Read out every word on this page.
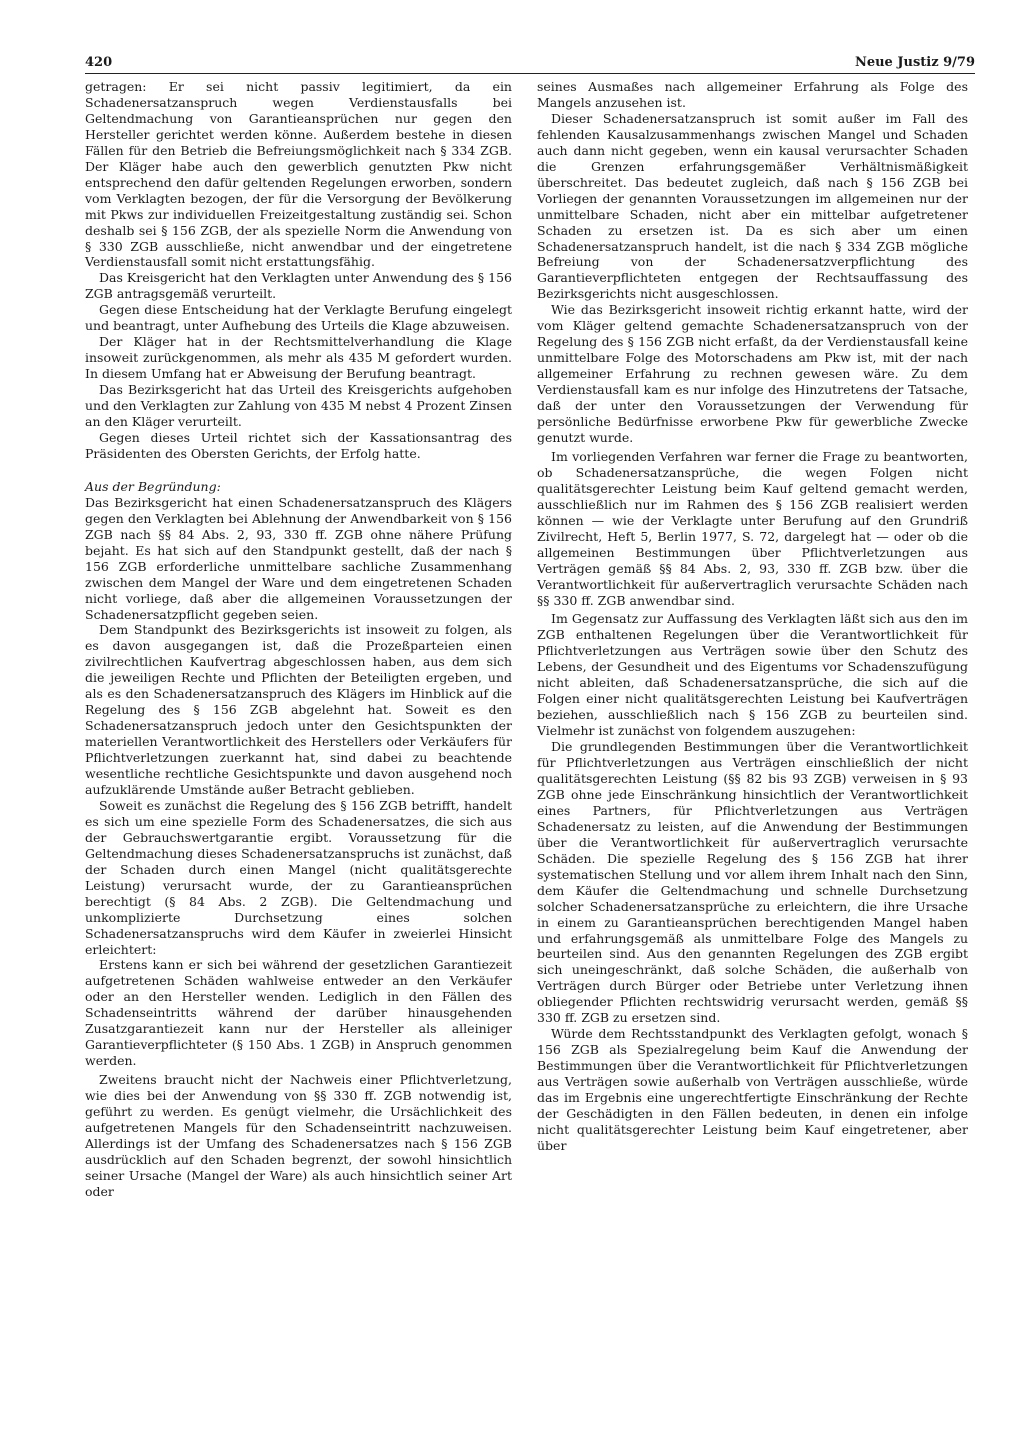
420	Neue Justiz 9/79

getragen: Er sei nicht passiv legitimiert, da ein Schadenersatzanspruch wegen Verdienstausfalls bei Geltendmachung von Garantieansprüchen nur gegen den Hersteller gerichtet werden könne. Außerdem bestehe in diesen Fällen für den Betrieb die Befreiungsmöglichkeit nach § 334 ZGB. Der Kläger habe auch den gewerblich genutzten Pkw nicht entsprechend den dafür geltenden Regelungen erworben, sondern vom Verklagten bezogen, der für die Versorgung der Bevölkerung mit Pkws zur individuellen Freizeitgestaltung zuständig sei. Schon deshalb sei § 156 ZGB, der als spezielle Norm die Anwendung von § 330 ZGB ausschließe, nicht anwendbar und der eingetretene Verdienstausfall somit nicht erstattungsfähig.

Das Kreisgericht hat den Verklagten unter Anwendung des § 156 ZGB antragsgemäß verurteilt.

Gegen diese Entscheidung hat der Verklagte Berufung eingelegt und beantragt, unter Aufhebung des Urteils die Klage abzuweisen.

Der Kläger hat in der Rechtsmittelverhandlung die Klage insoweit zurückgenommen, als mehr als 435 M gefordert wurden. In diesem Umfang hat er Abweisung der Berufung beantragt.

Das Bezirksgericht hat das Urteil des Kreisgerichts aufgehoben und den Verklagten zur Zahlung von 435 M nebst 4 Prozent Zinsen an den Kläger verurteilt.

Gegen dieses Urteil richtet sich der Kassationsantrag des Präsidenten des Obersten Gerichts, der Erfolg hatte.

Aus der Begründung:

Das Bezirksgericht hat einen Schadenersatzanspruch des Klägers gegen den Verklagten bei Ablehnung der Anwendbarkeit von § 156 ZGB nach §§ 84 Abs. 2, 93, 330 ff. ZGB ohne nähere Prüfung bejaht. Es hat sich auf den Standpunkt gestellt, daß der nach § 156 ZGB erforderliche unmittelbare sachliche Zusammenhang zwischen dem Mangel der Ware und dem eingetretenen Schaden nicht vorliege, daß aber die allgemeinen Voraussetzungen der Schadenersatzpflicht gegeben seien.

Dem Standpunkt des Bezirksgerichts ist insoweit zu folgen, als es davon ausgegangen ist, daß die Prozeßparteien einen zivilrechtlichen Kaufvertrag abgeschlossen haben, aus dem sich die jeweiligen Rechte und Pflichten der Beteiligten ergeben, und als es den Schadenersatzanspruch des Klägers im Hinblick auf die Regelung des § 156 ZGB abgelehnt hat. Soweit es den Schadenersatzanspruch jedoch unter den Gesichtspunkten der materiellen Verantwortlichkeit des Herstellers oder Verkäufers für Pflichtverletzungen zuerkannt hat, sind dabei zu beachtende wesentliche rechtliche Gesichtspunkte und davon ausgehend noch aufzuklärende Umstände außer Betracht geblieben.

Soweit es zunächst die Regelung des § 156 ZGB betrifft, handelt es sich um eine spezielle Form des Schadenersatzes, die sich aus der Gebrauchswertgarantie ergibt. Voraussetzung für die Geltendmachung dieses Schadenersatzanspruchs ist zunächst, daß der Schaden durch einen Mangel (nicht qualitätsgerechte Leistung) verursacht wurde, der zu Garantieansprüchen berechtigt (§ 84 Abs. 2 ZGB). Die Geltendmachung und unkomplizierte Durchsetzung eines solchen Schadenersatzanspruchs wird dem Käufer in zweierlei Hinsicht erleichtert:

Erstens kann er sich bei während der gesetzlichen Garantiezeit aufgetretenen Schäden wahlweise entweder an den Verkäufer oder an den Hersteller wenden. Lediglich in den Fällen des Schadenseintritts während der darüber hinausgehenden Zusatzgarantiezeit kann nur der Hersteller als alleiniger Garantieverpflichteter (§ 150 Abs. 1 ZGB) in Anspruch genommen werden.

Zweitens braucht nicht der Nachweis einer Pflichtverletzung, wie dies bei der Anwendung von §§ 330 ff. ZGB notwendig ist, geführt zu werden. Es genügt vielmehr, die Ursächlichkeit des aufgetretenen Mangels für den Schadenseintritt nachzuweisen. Allerdings ist der Umfang des Schadenersatzes nach § 156 ZGB ausdrücklich auf den Schaden begrenzt, der sowohl hinsichtlich seiner Ursache (Mangel der Ware) als auch hinsichtlich seiner Art oder

seines Ausmaßes nach allgemeiner Erfahrung als Folge des Mangels anzusehen ist.

Dieser Schadenersatzanspruch ist somit außer im Fall des fehlenden Kausalzusammenhangs zwischen Mangel und Schaden auch dann nicht gegeben, wenn ein kausal verursachter Schaden die Grenzen erfahrungsgemäßer Verhältnismäßigkeit überschreitet. Das bedeutet zugleich, daß nach § 156 ZGB bei Vorliegen der genannten Voraussetzungen im allgemeinen nur der unmittelbare Schaden, nicht aber ein mittelbar aufgetretener Schaden zu ersetzen ist. Da es sich aber um einen Schadenersatzanspruch handelt, ist die nach § 334 ZGB mögliche Befreiung von der Schadenersatzverpflichtung des Garantieverpflichteten entgegen der Rechtsauffassung des Bezirksgerichts nicht ausgeschlossen.

Wie das Bezirksgericht insoweit richtig erkannt hatte, wird der vom Kläger geltend gemachte Schadenersatzanspruch von der Regelung des § 156 ZGB nicht erfaßt, da der Verdienstausfall keine unmittelbare Folge des Motorschadens am Pkw ist, mit der nach allgemeiner Erfahrung zu rechnen gewesen wäre. Zu dem Verdienstausfall kam es nur infolge des Hinzutretens der Tatsache, daß der unter den Voraussetzungen der Verwendung für persönliche Bedürfnisse erworbene Pkw für gewerbliche Zwecke genutzt wurde.

Im vorliegenden Verfahren war ferner die Frage zu beantworten, ob Schadenersatzansprüche, die wegen Folgen nicht qualitätsgerechter Leistung beim Kauf geltend gemacht werden, ausschließlich nur im Rahmen des § 156 ZGB realisiert werden können — wie der Verklagte unter Berufung auf den Grundriß Zivilrecht, Heft 5, Berlin 1977, S. 72, dargelegt hat — oder ob die allgemeinen Bestimmungen über Pflichtverletzungen aus Verträgen gemäß §§ 84 Abs. 2, 93, 330 ff. ZGB bzw. über die Verantwortlichkeit für außervertraglich verursachte Schäden nach §§ 330 ff. ZGB anwendbar sind.

Im Gegensatz zur Auffassung des Verklagten läßt sich aus den im ZGB enthaltenen Regelungen über die Verantwortlichkeit für Pflichtverletzungen aus Verträgen sowie über den Schutz des Lebens, der Gesundheit und des Eigentums vor Schadenszufügung nicht ableiten, daß Schadenersatzansprüche, die sich auf die Folgen einer nicht qualitätsgerechten Leistung bei Kaufverträgen beziehen, ausschließlich nach § 156 ZGB zu beurteilen sind. Vielmehr ist zunächst von folgendem auszugehen:

Die grundlegenden Bestimmungen über die Verantwortlichkeit für Pflichtverletzungen aus Verträgen einschließlich der nicht qualitätsgerechten Leistung (§§ 82 bis 93 ZGB) verweisen in § 93 ZGB ohne jede Einschränkung hinsichtlich der Verantwortlichkeit eines Partners, für Pflichtverletzungen aus Verträgen Schadenersatz zu leisten, auf die Anwendung der Bestimmungen über die Verantwortlichkeit für außervertraglich verursachte Schäden. Die spezielle Regelung des § 156 ZGB hat ihrer systematischen Stellung und vor allem ihrem Inhalt nach den Sinn, dem Käufer die Geltendmachung und schnelle Durchsetzung solcher Schadenersatzansprüche zu erleichtern, die ihre Ursache in einem zu Garantieansprüchen berechtigenden Mangel haben und erfahrungsgemäß als unmittelbare Folge des Mangels zu beurteilen sind. Aus den genannten Regelungen des ZGB ergibt sich uneingeschränkt, daß solche Schäden, die außerhalb von Verträgen durch Bürger oder Betriebe unter Verletzung ihnen obliegender Pflichten rechtswidrig verursacht werden, gemäß §§ 330 ff. ZGB zu ersetzen sind.

Würde dem Rechtsstandpunkt des Verklagten gefolgt, wonach § 156 ZGB als Spezialregelung beim Kauf die Anwendung der Bestimmungen über die Verantwortlichkeit für Pflichtverletzungen aus Verträgen sowie außerhalb von Verträgen ausschließe, würde das im Ergebnis eine ungerechtfertigte Einschränkung der Rechte der Geschädigten in den Fällen bedeuten, in denen ein infolge nicht qualitätsgerechter Leistung beim Kauf eingetretener, aber über
